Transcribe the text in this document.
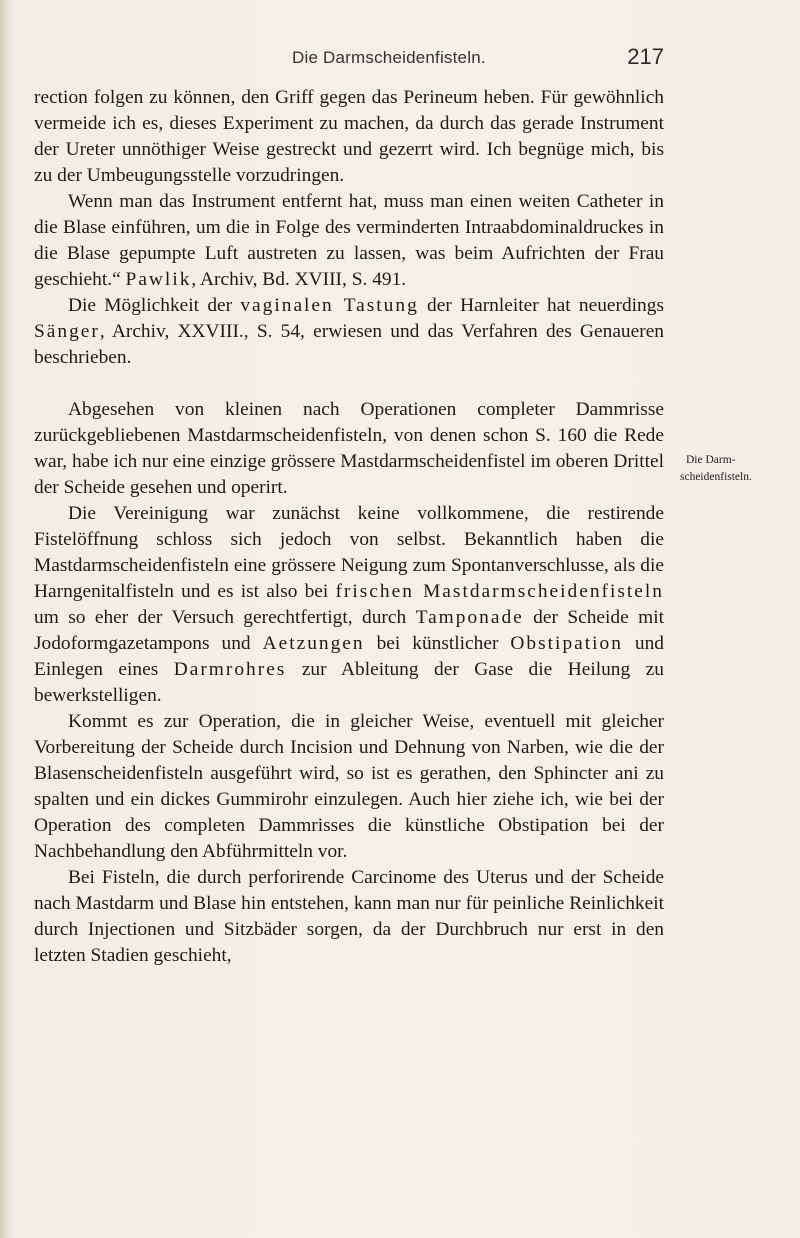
Die Darmscheidenfisteln.	217

rection folgen zu können, den Griff gegen das Perineum heben. Für gewöhnlich vermeide ich es, dieses Experiment zu machen, da durch das gerade Instrument der Ureter unnöthiger Weise gestreckt und gezerrt wird. Ich begnüge mich, bis zu der Umbeugungsstelle vorzudringen.

Wenn man das Instrument entfernt hat, muss man einen weiten Catheter in die Blase einführen, um die in Folge des verminderten Intraabdominaldruckes in die Blase gepumpte Luft austreten zu lassen, was beim Aufrichten der Frau geschieht.“ Pawlik, Archiv, Bd. XVIII, S. 491.

Die Möglichkeit der vaginalen Tastung der Harnleiter hat neuerdings Sänger, Archiv, XXVIII., S. 54, erwiesen und das Verfahren des Genaueren beschrieben.

Abgesehen von kleinen nach Operationen completer Dammrisse zurückgebliebenen Mastdarmscheidenfisteln, von denen schon S. 160 die Rede war, habe ich nur eine einzige grössere Mastdarmscheidenfistel im oberen Drittel der Scheide gesehen und operirt.

Die Vereinigung war zunächst keine vollkommene, die restirende Fistelöffnung schloss sich jedoch von selbst. Bekanntlich haben die Mastdarmscheidenfisteln eine grössere Neigung zum Spontanverschlusse, als die Harngenitalfisteln und es ist also bei frischen Mastdarmscheidenfisteln um so eher der Versuch gerechtfertigt, durch Tamponade der Scheide mit Jodoformgazetampons und Aetzungen bei künstlicher Obstipation und Einlegen eines Darmrohres zur Ableitung der Gase die Heilung zu bewerkstelligen.

Kommt es zur Operation, die in gleicher Weise, eventuell mit gleicher Vorbereitung der Scheide durch Incision und Dehnung von Narben, wie die der Blasenscheidenfisteln ausgeführt wird, so ist es gerathen, den Sphincter ani zu spalten und ein dickes Gummirohr einzulegen. Auch hier ziehe ich, wie bei der Operation des completen Dammrisses die künstliche Obstipation bei der Nachbehandlung den Abführmitteln vor.

Bei Fisteln, die durch perforirende Carcinome des Uterus und der Scheide nach Mastdarm und Blase hin entstehen, kann man nur für peinliche Reinlichkeit durch Injectionen und Sitzbäder sorgen, da der Durchbruch nur erst in den letzten Stadien geschieht,

Die Darm-
scheidenfisteln.
